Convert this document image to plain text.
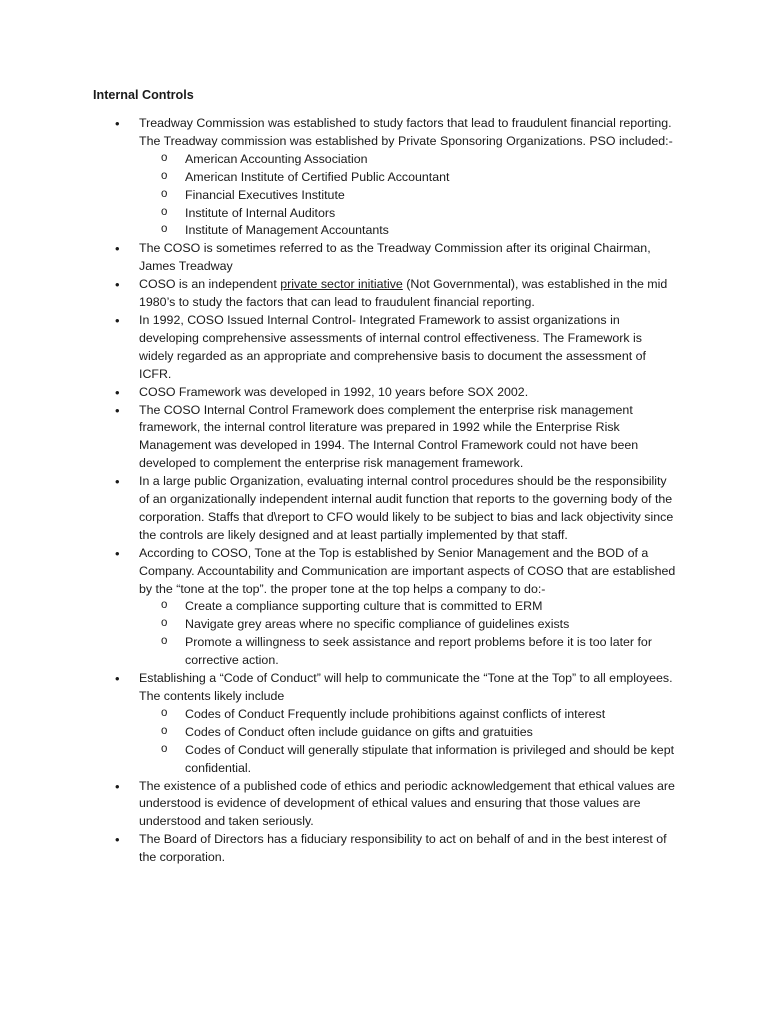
Internal Controls
• Treadway Commission was established to study factors that lead to fraudulent financial reporting. The Treadway commission was established by Private Sponsoring Organizations. PSO included:-
o American Accounting Association
o American Institute of Certified Public Accountant
o Financial Executives Institute
o Institute of Internal Auditors
o Institute of Management Accountants
• The COSO is sometimes referred to as the Treadway Commission after its original Chairman, James Treadway
• COSO is an independent private sector initiative (Not Governmental), was established in the mid 1980’s to study the factors that can lead to fraudulent financial reporting.
• In 1992, COSO Issued Internal Control- Integrated Framework to assist organizations in developing comprehensive assessments of internal control effectiveness. The Framework is widely regarded as an appropriate and comprehensive basis to document the assessment of ICFR.
• COSO Framework was developed in 1992, 10 years before SOX 2002.
• The COSO Internal Control Framework does complement the enterprise risk management framework, the internal control literature was prepared in 1992 while the Enterprise Risk Management was developed in 1994. The Internal Control Framework could not have been developed to complement the enterprise risk management framework.
• In a large public Organization, evaluating internal control procedures should be the responsibility of an organizationally independent internal audit function that reports to the governing body of the corporation. Staffs that d\report to CFO would likely to be subject to bias and lack objectivity since the controls are likely designed and at least partially implemented by that staff.
• According to COSO, Tone at the Top is established by Senior Management and the BOD of a Company. Accountability and Communication are important aspects of COSO that are established by the “tone at the top”. the proper tone at the top helps a company to do:-
o Create a compliance supporting culture that is committed to ERM
o Navigate grey areas where no specific compliance of guidelines exists
o Promote a willingness to seek assistance and report problems before it is too later for corrective action.
• Establishing a “Code of Conduct” will help to communicate the “Tone at the Top” to all employees. The contents likely include
o Codes of Conduct Frequently include prohibitions against conflicts of interest
o Codes of Conduct often include guidance on gifts and gratuities
o Codes of Conduct will generally stipulate that information is privileged and should be kept confidential.
• The existence of a published code of ethics and periodic acknowledgement that ethical values are understood is evidence of development of ethical values and ensuring that those values are understood and taken seriously.
• The Board of Directors has a fiduciary responsibility to act on behalf of and in the best interest of the corporation.
